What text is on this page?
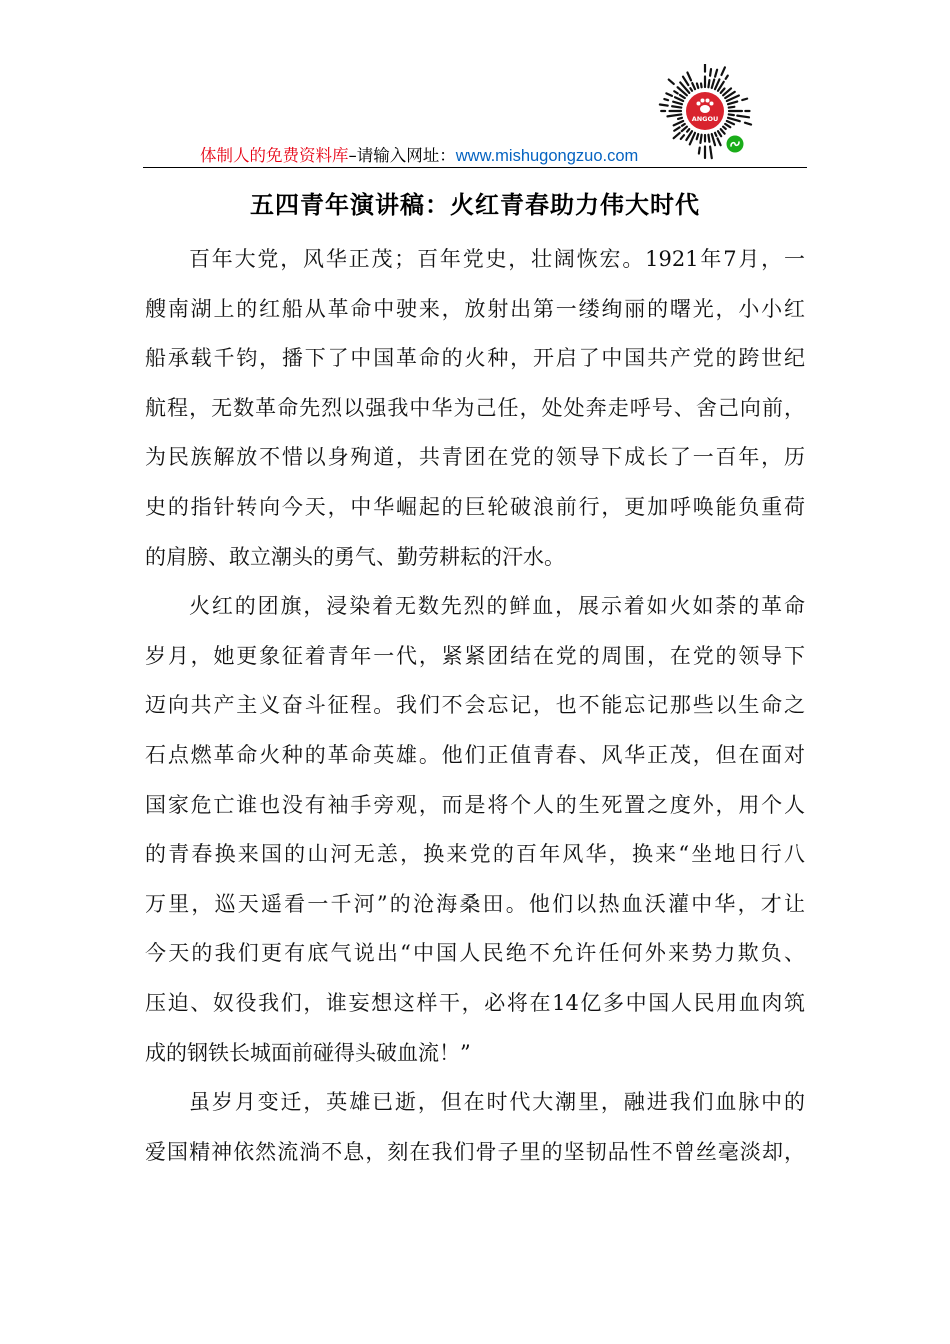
体制人的免费资料库–请输入网址：www.mishugongzuo.com
ANGOU
五四青年演讲稿：火红青春助力伟大时代
百年大党，风华正茂；百年党史，壮阔恢宏。1921年7月，一
艘南湖上的红船从革命中驶来，放射出第一缕绚丽的曙光，小小红
船承载千钧，播下了中国革命的火种，开启了中国共产党的跨世纪
航程，无数革命先烈以强我中华为己任，处处奔走呼号、舍己向前，
为民族解放不惜以身殉道，共青团在党的领导下成长了一百年，历
史的指针转向今天，中华崛起的巨轮破浪前行，更加呼唤能负重荷
的肩膀、敢立潮头的勇气、勤劳耕耘的汗水。
火红的团旗，浸染着无数先烈的鲜血，展示着如火如荼的革命
岁月，她更象征着青年一代，紧紧团结在党的周围，在党的领导下
迈向共产主义奋斗征程。我们不会忘记，也不能忘记那些以生命之
石点燃革命火种的革命英雄。他们正值青春、风华正茂，但在面对
国家危亡谁也没有袖手旁观，而是将个人的生死置之度外，用个人
的青春换来国的山河无恙，换来党的百年风华，换来“坐地日行八
万里，巡天遥看一千河”的沧海桑田。他们以热血沃灌中华，才让
今天的我们更有底气说出“中国人民绝不允许任何外来势力欺负、
压迫、奴役我们，谁妄想这样干，必将在14亿多中国人民用血肉筑
成的钢铁长城面前碰得头破血流！”
虽岁月变迁，英雄已逝，但在时代大潮里，融进我们血脉中的
爱国精神依然流淌不息，刻在我们骨子里的坚韧品性不曾丝毫淡却，
